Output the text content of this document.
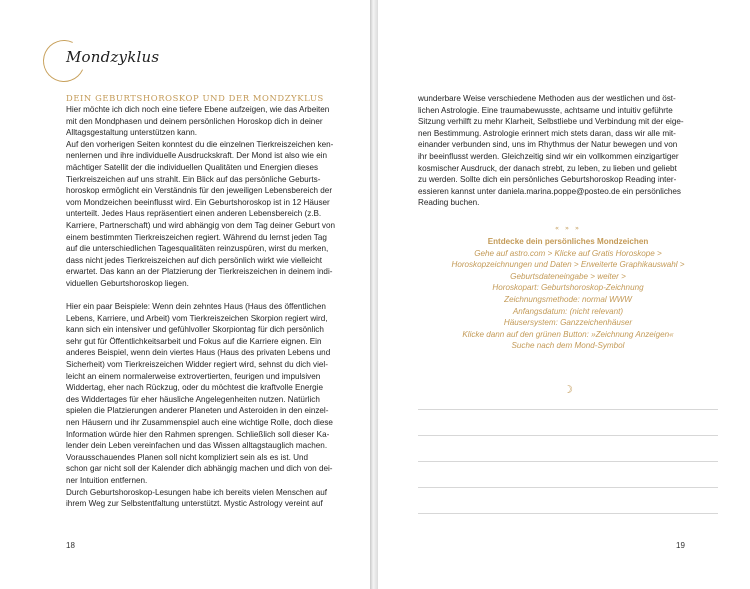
Mondzyklus
DEIN GEBURTSHOROSKOP UND DER MONDZYKLUS
Hier möchte ich dich noch eine tiefere Ebene aufzeigen, wie das Arbeiten
mit den Mondphasen und deinem persönlichen Horoskop dich in deiner
Alltagsgestaltung unterstützen kann.
Auf den vorherigen Seiten konntest du die einzelnen Tierkreiszeichen ken-
nenlernen und ihre individuelle Ausdruckskraft. Der Mond ist also wie ein
mächtiger Satellit der die individuellen Qualitäten und Energien dieses
Tierkreiszeichen auf uns strahlt. Ein Blick auf das persönliche Geburts-
horoskop ermöglicht ein Verständnis für den jeweiligen Lebensbereich der
vom Mondzeichen beeinflusst wird. Ein Geburtshoroskop ist in 12 Häuser
unterteilt. Jedes Haus repräsentiert einen anderen Lebensbereich (z.B.
Karriere, Partnerschaft) und wird abhängig von dem Tag deiner Geburt von
einem bestimmten Tierkreiszeichen regiert. Während du lernst jeden Tag
auf die unterschiedlichen Tagesqualitäten reinzuspüren, wirst du merken,
dass nicht jedes Tierkreiszeichen auf dich persönlich wirkt wie vielleicht
erwartet. Das kann an der Platzierung der Tierkreiszeichen in deinem indi-
viduellen Geburtshoroskop liegen.
Hier ein paar Beispiele: Wenn dein zehntes Haus (Haus des öffentlichen
Lebens, Karriere, und Arbeit) vom Tierkreiszeichen Skorpion regiert wird,
kann sich ein intensiver und gefühlvoller Skorpiontag für dich persönlich
sehr gut für Öffentlichkeitsarbeit und Fokus auf die Karriere eignen. Ein
anderes Beispiel, wenn dein viertes Haus (Haus des privaten Lebens und
Sicherheit) vom Tierkreiszeichen Widder regiert wird, sehnst du dich viel-
leicht an einem normalerweise extrovertierten, feurigen und impulsiven
Widdertag, eher nach Rückzug, oder du möchtest die kraftvolle Energie
des Widdertages für eher häusliche Angelegenheiten nutzen. Natürlich
spielen die Platzierungen anderer Planeten und Asteroiden in den einzel-
nen Häusern und ihr Zusammenspiel auch eine wichtige Rolle, doch diese
Information würde hier den Rahmen sprengen. Schließlich soll dieser Ka-
lender dein Leben vereinfachen und das Wissen alltagstauglich machen.
Vorausschauendes Planen soll nicht kompliziert sein als es ist. Und
schon gar nicht soll der Kalender dich abhängig machen und dich von dei-
ner Intuition entfernen.
Durch Geburtshoroskop-Lesungen habe ich bereits vielen Menschen auf
ihrem Weg zur Selbstentfaltung unterstützt. Mystic Astrology vereint auf
18
wunderbare Weise verschiedene Methoden aus der westlichen und öst-
lichen Astrologie. Eine traumabewusste, achtsame und intuitiv geführte
Sitzung verhilft zu mehr Klarheit, Selbstliebe und Verbindung mit der eige-
nen Bestimmung. Astrologie erinnert mich stets daran, dass wir alle mit-
einander verbunden sind, uns im Rhythmus der Natur bewegen und von
ihr beeinflusst werden. Gleichzeitig sind wir ein vollkommen einzigartiger
kosmischer Ausdruck, der danach strebt, zu leben, zu lieben und geliebt
zu werden. Sollte dich ein persönliches Geburtshoroskop Reading inter-
essieren kannst unter daniela.marina.poppe@posteo.de ein persönliches
Reading buchen.
« » »
Entdecke dein persönliches Mondzeichen
Gehe auf astro.com > Klicke auf Gratis Horoskope >
Horoskopzeichnungen und Daten > Erweiterte Graphikauswahl >
Geburtsdateneingabe > weiter >
Horoskopart: Geburtshoroskop-Zeichnung
Zeichnungsmethode: normal WWW
Anfangsdatum: (nicht relevant)
Häusersystem: Ganzzeichenhäuser
Klicke dann auf den grünen Button: »Zeichnung Anzeigen«
Suche nach dem Mond-Symbol
☽
19
